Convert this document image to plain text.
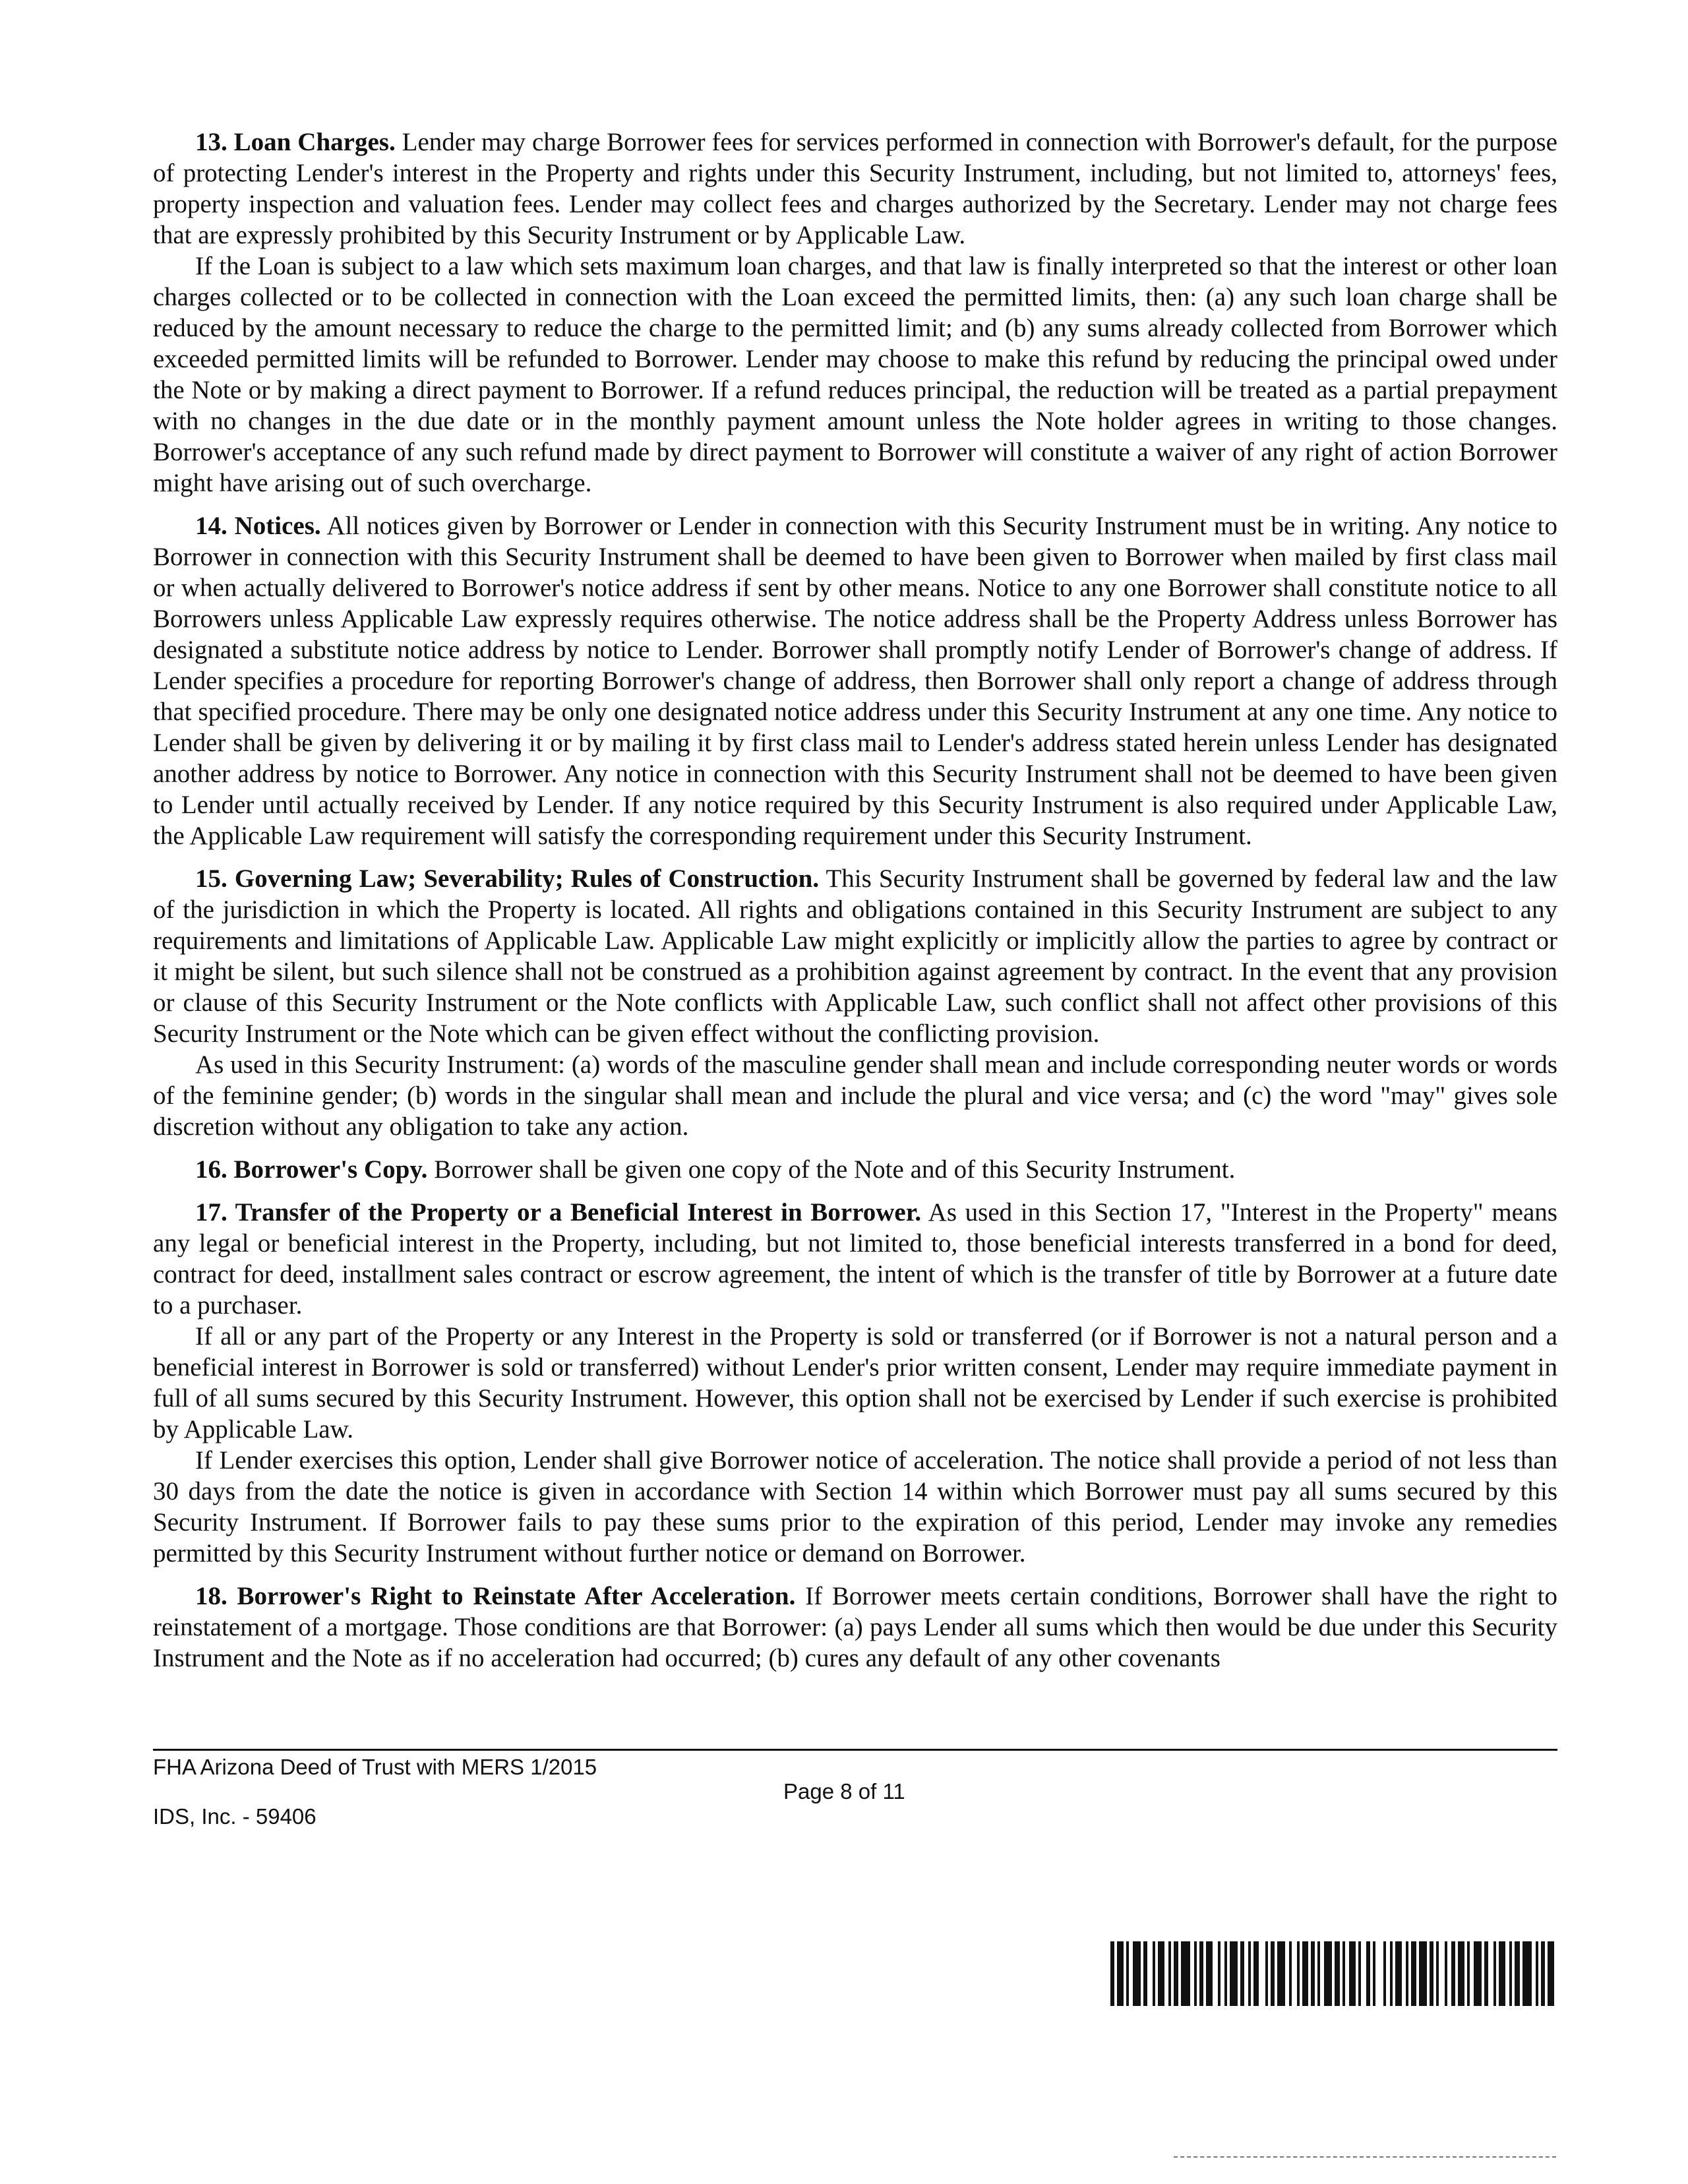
13. Loan Charges. Lender may charge Borrower fees for services performed in connection with Borrower's default, for the purpose of protecting Lender's interest in the Property and rights under this Security Instrument, including, but not limited to, attorneys' fees, property inspection and valuation fees. Lender may collect fees and charges authorized by the Secretary. Lender may not charge fees that are expressly prohibited by this Security Instrument or by Applicable Law.

If the Loan is subject to a law which sets maximum loan charges, and that law is finally interpreted so that the interest or other loan charges collected or to be collected in connection with the Loan exceed the permitted limits, then: (a) any such loan charge shall be reduced by the amount necessary to reduce the charge to the permitted limit; and (b) any sums already collected from Borrower which exceeded permitted limits will be refunded to Borrower. Lender may choose to make this refund by reducing the principal owed under the Note or by making a direct payment to Borrower. If a refund reduces principal, the reduction will be treated as a partial prepayment with no changes in the due date or in the monthly payment amount unless the Note holder agrees in writing to those changes. Borrower's acceptance of any such refund made by direct payment to Borrower will constitute a waiver of any right of action Borrower might have arising out of such overcharge.

14. Notices. All notices given by Borrower or Lender in connection with this Security Instrument must be in writing. Any notice to Borrower in connection with this Security Instrument shall be deemed to have been given to Borrower when mailed by first class mail or when actually delivered to Borrower's notice address if sent by other means. Notice to any one Borrower shall constitute notice to all Borrowers unless Applicable Law expressly requires otherwise. The notice address shall be the Property Address unless Borrower has designated a substitute notice address by notice to Lender. Borrower shall promptly notify Lender of Borrower's change of address. If Lender specifies a procedure for reporting Borrower's change of address, then Borrower shall only report a change of address through that specified procedure. There may be only one designated notice address under this Security Instrument at any one time. Any notice to Lender shall be given by delivering it or by mailing it by first class mail to Lender's address stated herein unless Lender has designated another address by notice to Borrower. Any notice in connection with this Security Instrument shall not be deemed to have been given to Lender until actually received by Lender. If any notice required by this Security Instrument is also required under Applicable Law, the Applicable Law requirement will satisfy the corresponding requirement under this Security Instrument.

15. Governing Law; Severability; Rules of Construction. This Security Instrument shall be governed by federal law and the law of the jurisdiction in which the Property is located. All rights and obligations contained in this Security Instrument are subject to any requirements and limitations of Applicable Law. Applicable Law might explicitly or implicitly allow the parties to agree by contract or it might be silent, but such silence shall not be construed as a prohibition against agreement by contract. In the event that any provision or clause of this Security Instrument or the Note conflicts with Applicable Law, such conflict shall not affect other provisions of this Security Instrument or the Note which can be given effect without the conflicting provision.

As used in this Security Instrument: (a) words of the masculine gender shall mean and include corresponding neuter words or words of the feminine gender; (b) words in the singular shall mean and include the plural and vice versa; and (c) the word "may" gives sole discretion without any obligation to take any action.

16. Borrower's Copy. Borrower shall be given one copy of the Note and of this Security Instrument.

17. Transfer of the Property or a Beneficial Interest in Borrower. As used in this Section 17, "Interest in the Property" means any legal or beneficial interest in the Property, including, but not limited to, those beneficial interests transferred in a bond for deed, contract for deed, installment sales contract or escrow agreement, the intent of which is the transfer of title by Borrower at a future date to a purchaser.

If all or any part of the Property or any Interest in the Property is sold or transferred (or if Borrower is not a natural person and a beneficial interest in Borrower is sold or transferred) without Lender's prior written consent, Lender may require immediate payment in full of all sums secured by this Security Instrument. However, this option shall not be exercised by Lender if such exercise is prohibited by Applicable Law.

If Lender exercises this option, Lender shall give Borrower notice of acceleration. The notice shall provide a period of not less than 30 days from the date the notice is given in accordance with Section 14 within which Borrower must pay all sums secured by this Security Instrument. If Borrower fails to pay these sums prior to the expiration of this period, Lender may invoke any remedies permitted by this Security Instrument without further notice or demand on Borrower.

18. Borrower's Right to Reinstate After Acceleration. If Borrower meets certain conditions, Borrower shall have the right to reinstatement of a mortgage. Those conditions are that Borrower: (a) pays Lender all sums which then would be due under this Security Instrument and the Note as if no acceleration had occurred; (b) cures any default of any other covenants

FHA Arizona Deed of Trust with MERS 1/2015
Page 8 of 11
IDS, Inc. - 59406
